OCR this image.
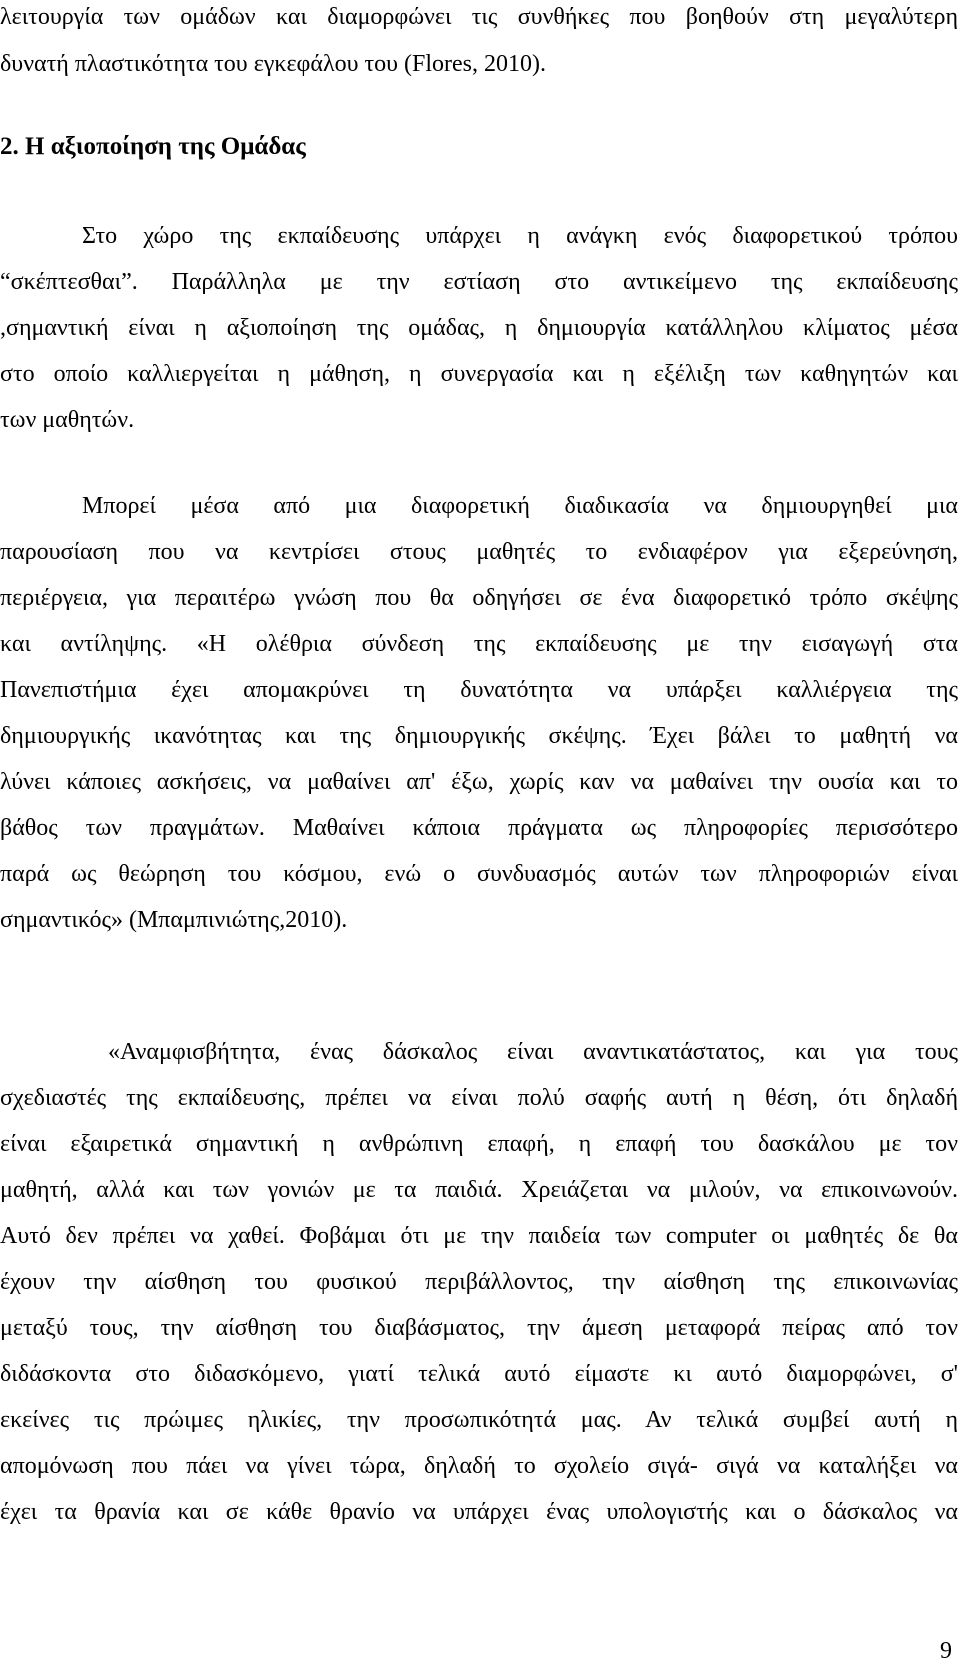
λειτουργία των ομάδων και διαμορφώνει τις συνθήκες που βοηθούν στη μεγαλύτερη
δυνατή πλαστικότητα του εγκεφάλου του (Flores, 2010).
2. Η αξιοποίηση της Ομάδας
Στο χώρο της εκπαίδευσης υπάρχει η ανάγκη ενός διαφορετικού τρόπου
“σκέπτεσθαι”. Παράλληλα με την εστίαση στο αντικείμενο της εκπαίδευσης
,σημαντική είναι η αξιοποίηση της ομάδας, η δημιουργία κατάλληλου κλίματος μέσα
στο οποίο καλλιεργείται η μάθηση, η συνεργασία και η εξέλιξη των καθηγητών και
των μαθητών.
Μπορεί μέσα από μια διαφορετική διαδικασία να δημιουργηθεί μια
παρουσίαση που να κεντρίσει στους μαθητές το ενδιαφέρον για εξερεύνηση,
περιέργεια, για περαιτέρω γνώση που θα οδηγήσει σε ένα διαφορετικό τρόπο σκέψης
και αντίληψης. «Η ολέθρια σύνδεση της εκπαίδευσης με την εισαγωγή στα
Πανεπιστήμια έχει απομακρύνει τη δυνατότητα να υπάρξει καλλιέργεια της
δημιουργικής ικανότητας και της δημιουργικής σκέψης. Έχει βάλει το μαθητή να
λύνει κάποιες ασκήσεις, να μαθαίνει απ' έξω, χωρίς καν να μαθαίνει την ουσία και το
βάθος των πραγμάτων. Μαθαίνει κάποια πράγματα ως πληροφορίες περισσότερο
παρά ως θεώρηση του κόσμου, ενώ ο συνδυασμός αυτών των πληροφοριών είναι
σημαντικός» (Μπαμπινιώτης,2010).
«Αναμφισβήτητα, ένας δάσκαλος είναι αναντικατάστατος, και για τους
σχεδιαστές της εκπαίδευσης, πρέπει να είναι πολύ σαφής αυτή η θέση, ότι δηλαδή
είναι εξαιρετικά σημαντική η ανθρώπινη επαφή, η επαφή του δασκάλου με τον
μαθητή, αλλά και των γονιών με τα παιδιά. Χρειάζεται να μιλούν, να επικοινωνούν.
Αυτό δεν πρέπει να χαθεί. Φοβάμαι ότι με την παιδεία των computer οι μαθητές δε θα
έχουν την αίσθηση του φυσικού περιβάλλοντος, την αίσθηση της επικοινωνίας
μεταξύ τους, την αίσθηση του διαβάσματος, την άμεση μεταφορά πείρας από τον
διδάσκοντα στο διδασκόμενο, γιατί τελικά αυτό είμαστε κι αυτό διαμορφώνει, σ'
εκείνες τις πρώιμες ηλικίες, την προσωπικότητά μας. Αν τελικά συμβεί αυτή η
απομόνωση που πάει να γίνει τώρα, δηλαδή το σχολείο σιγά- σιγά να καταλήξει να
έχει τα θρανία και σε κάθε θρανίο να υπάρχει ένας υπολογιστής και ο δάσκαλος να
9
